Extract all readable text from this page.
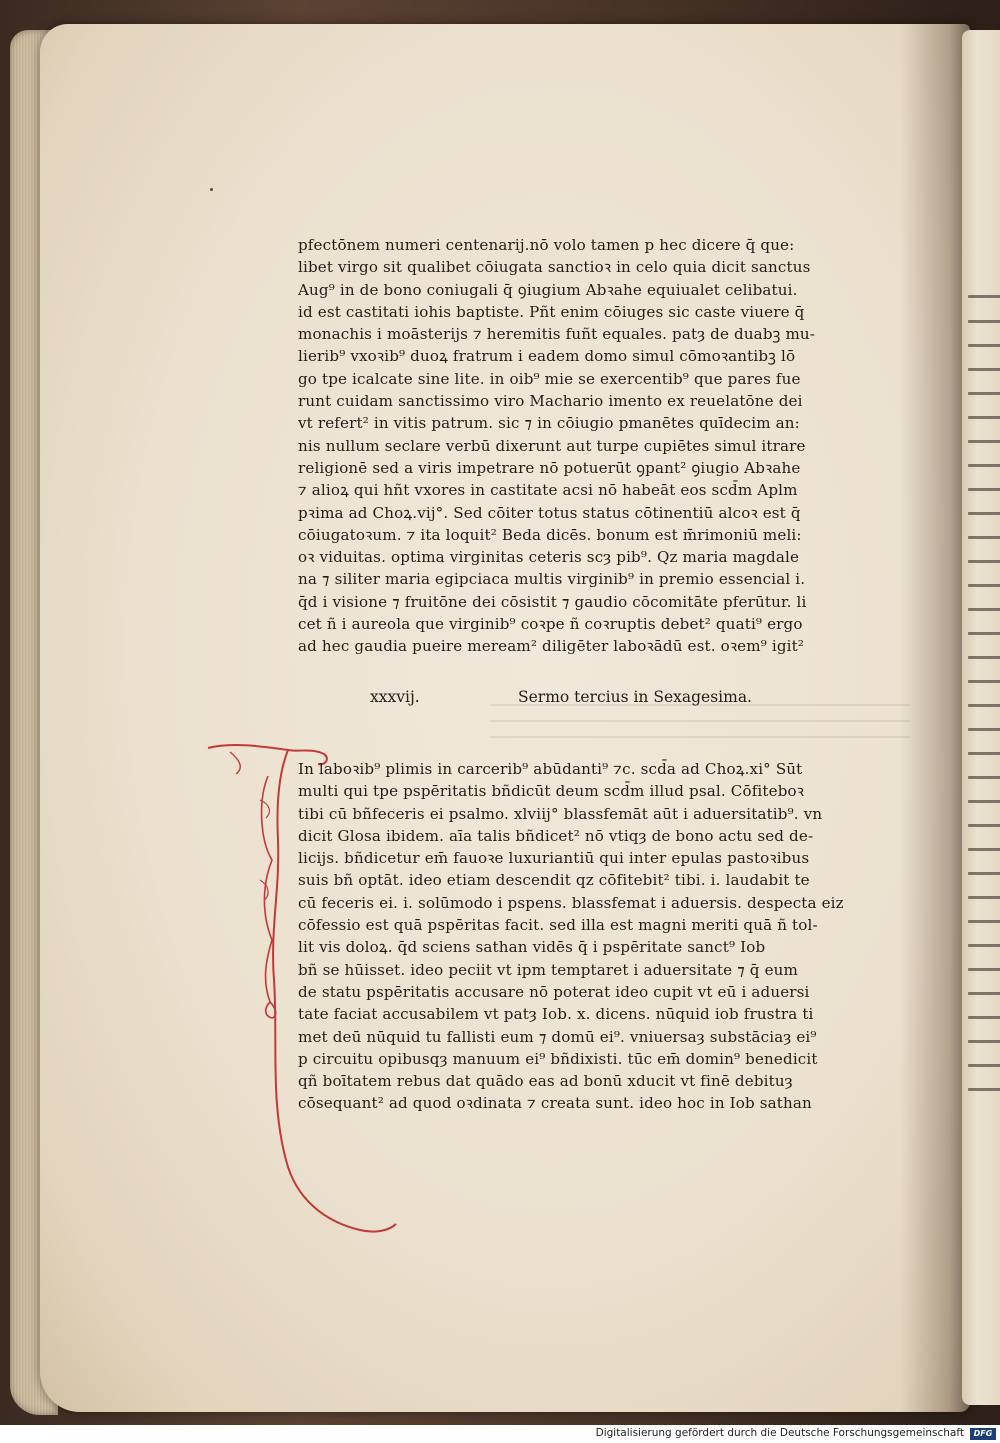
pfectōnem numeri centenarij.nō volo tamen p hec dicere q̄ que:
libet virgo sit qualibet cōiugata sanctioꝛ in celo quia dicit sanctus
Aug⁹ in de bono coniugali q̄ ꝯiugium Abꝛahe equiualet celibatui.
id est castitati iohis baptiste. Pñt enim cōiuges sic caste viuere q̄
monachis i moāsterijs ⁊ heremitis fuñt equales. patȝ de duabꝫ mu-
lierib⁹ vxoꝛib⁹ duoꝝ fratrum i eadem domo simul cōmoꝛantibꝫ lō
go tpe icalcate sine lite. in oib⁹ mie se exercentib⁹ que pares fue
runt cuidam sanctissimo viro Machario imento ex reuelatōne dei
vt refert² in vitis patrum. sic ⁊ in cōiugio pmanētes quīdecim an:
nis nullum seclare verbū dixerunt aut turpe cupiētes simul itrare
religionē sed a viris impetrare nō potuerūt ꝯpant² ꝯiugio Abꝛahe
⁊ alioꝝ qui hñt vxores in castitate acsi nō habeāt eos scd̄m Aplm
pꝛima ad Choꝝ.vij°. Sed cōiter totus status cōtinentiū alcoꝛ est q̄
cōiugatoꝛum. ⁊ ita loquit² Beda dicēs. bonum est m̄rimoniū meli:
oꝛ viduitas. optima virginitas ceteris scȝ pib⁹. Qz maria magdale
na ⁊ siliter maria egipciaca multis virginib⁹ in premio essencial i.
q̄d i visione ⁊ fruitōne dei cōsistit ⁊ gaudio cōcomitāte pferūtur. li
cet ñ i aureola que virginib⁹ coꝛpe ñ coꝛruptis debet² quati⁹ ergo
ad hec gaudia pueire meream² diligēter laboꝛādū est. oꝛem⁹ igit²
xxxvij.	Sermo tercius in Sexagesima.
In laboꝛib⁹ plimis in carcerib⁹ abūdanti⁹ ⁊c. scd̄a ad Choꝝ.xi° Sūt
multi qui tpe pspēritatis bñdicūt deum scd̄m illud psal. Cōfiteboꝛ
tibi cū bñfeceris ei psalmo. xlviij° blassfemāt aūt i aduersitatib⁹. vn
dicit Glosa ibidem. aīa talis bñdicet² nō vtiqȝ de bono actu sed de-
licijs. bñdicetur em̄ fauoꝛe luxuriantiū qui inter epulas pastoꝛibus
suis bñ optāt. ideo etiam descendit qz cōfitebit² tibi. i. laudabit te
cū feceris ei. i. solūmodo i pspens. blassfemat i aduersis. despecta eiz
cōfessio est quā pspēritas facit. sed illa est magni meriti quā ñ tol-
lit vis doloꝝ. q̄d sciens sathan vidēs q̄ i pspēritate sanct⁹ Iob
bñ se hūisset. ideo peciit vt ipm temptaret i aduersitate ⁊ q̄ eum
de statu pspēritatis accusare nō poterat ideo cupit vt eū i aduersi
tate faciat accusabilem vt patȝ Iob. x. dicens. nūquid iob frustra ti
met deū nūquid tu fallisti eum ⁊ domū ei⁹. vniuersaȝ substāciaȝ ei⁹
p circuitu opibusqȝ manuum ei⁹ bñdixisti. tūc em̄ domin⁹ benedicit
qñ boītatem rebus dat quādo eas ad bonū xducit vt finē debituȝ
cōsequant² ad quod oꝛdinata ⁊ creata sunt. ideo hoc in Iob sathan
Digitalisierung gefördert durch die Deutsche Forschungsgemeinschaft	DFG
